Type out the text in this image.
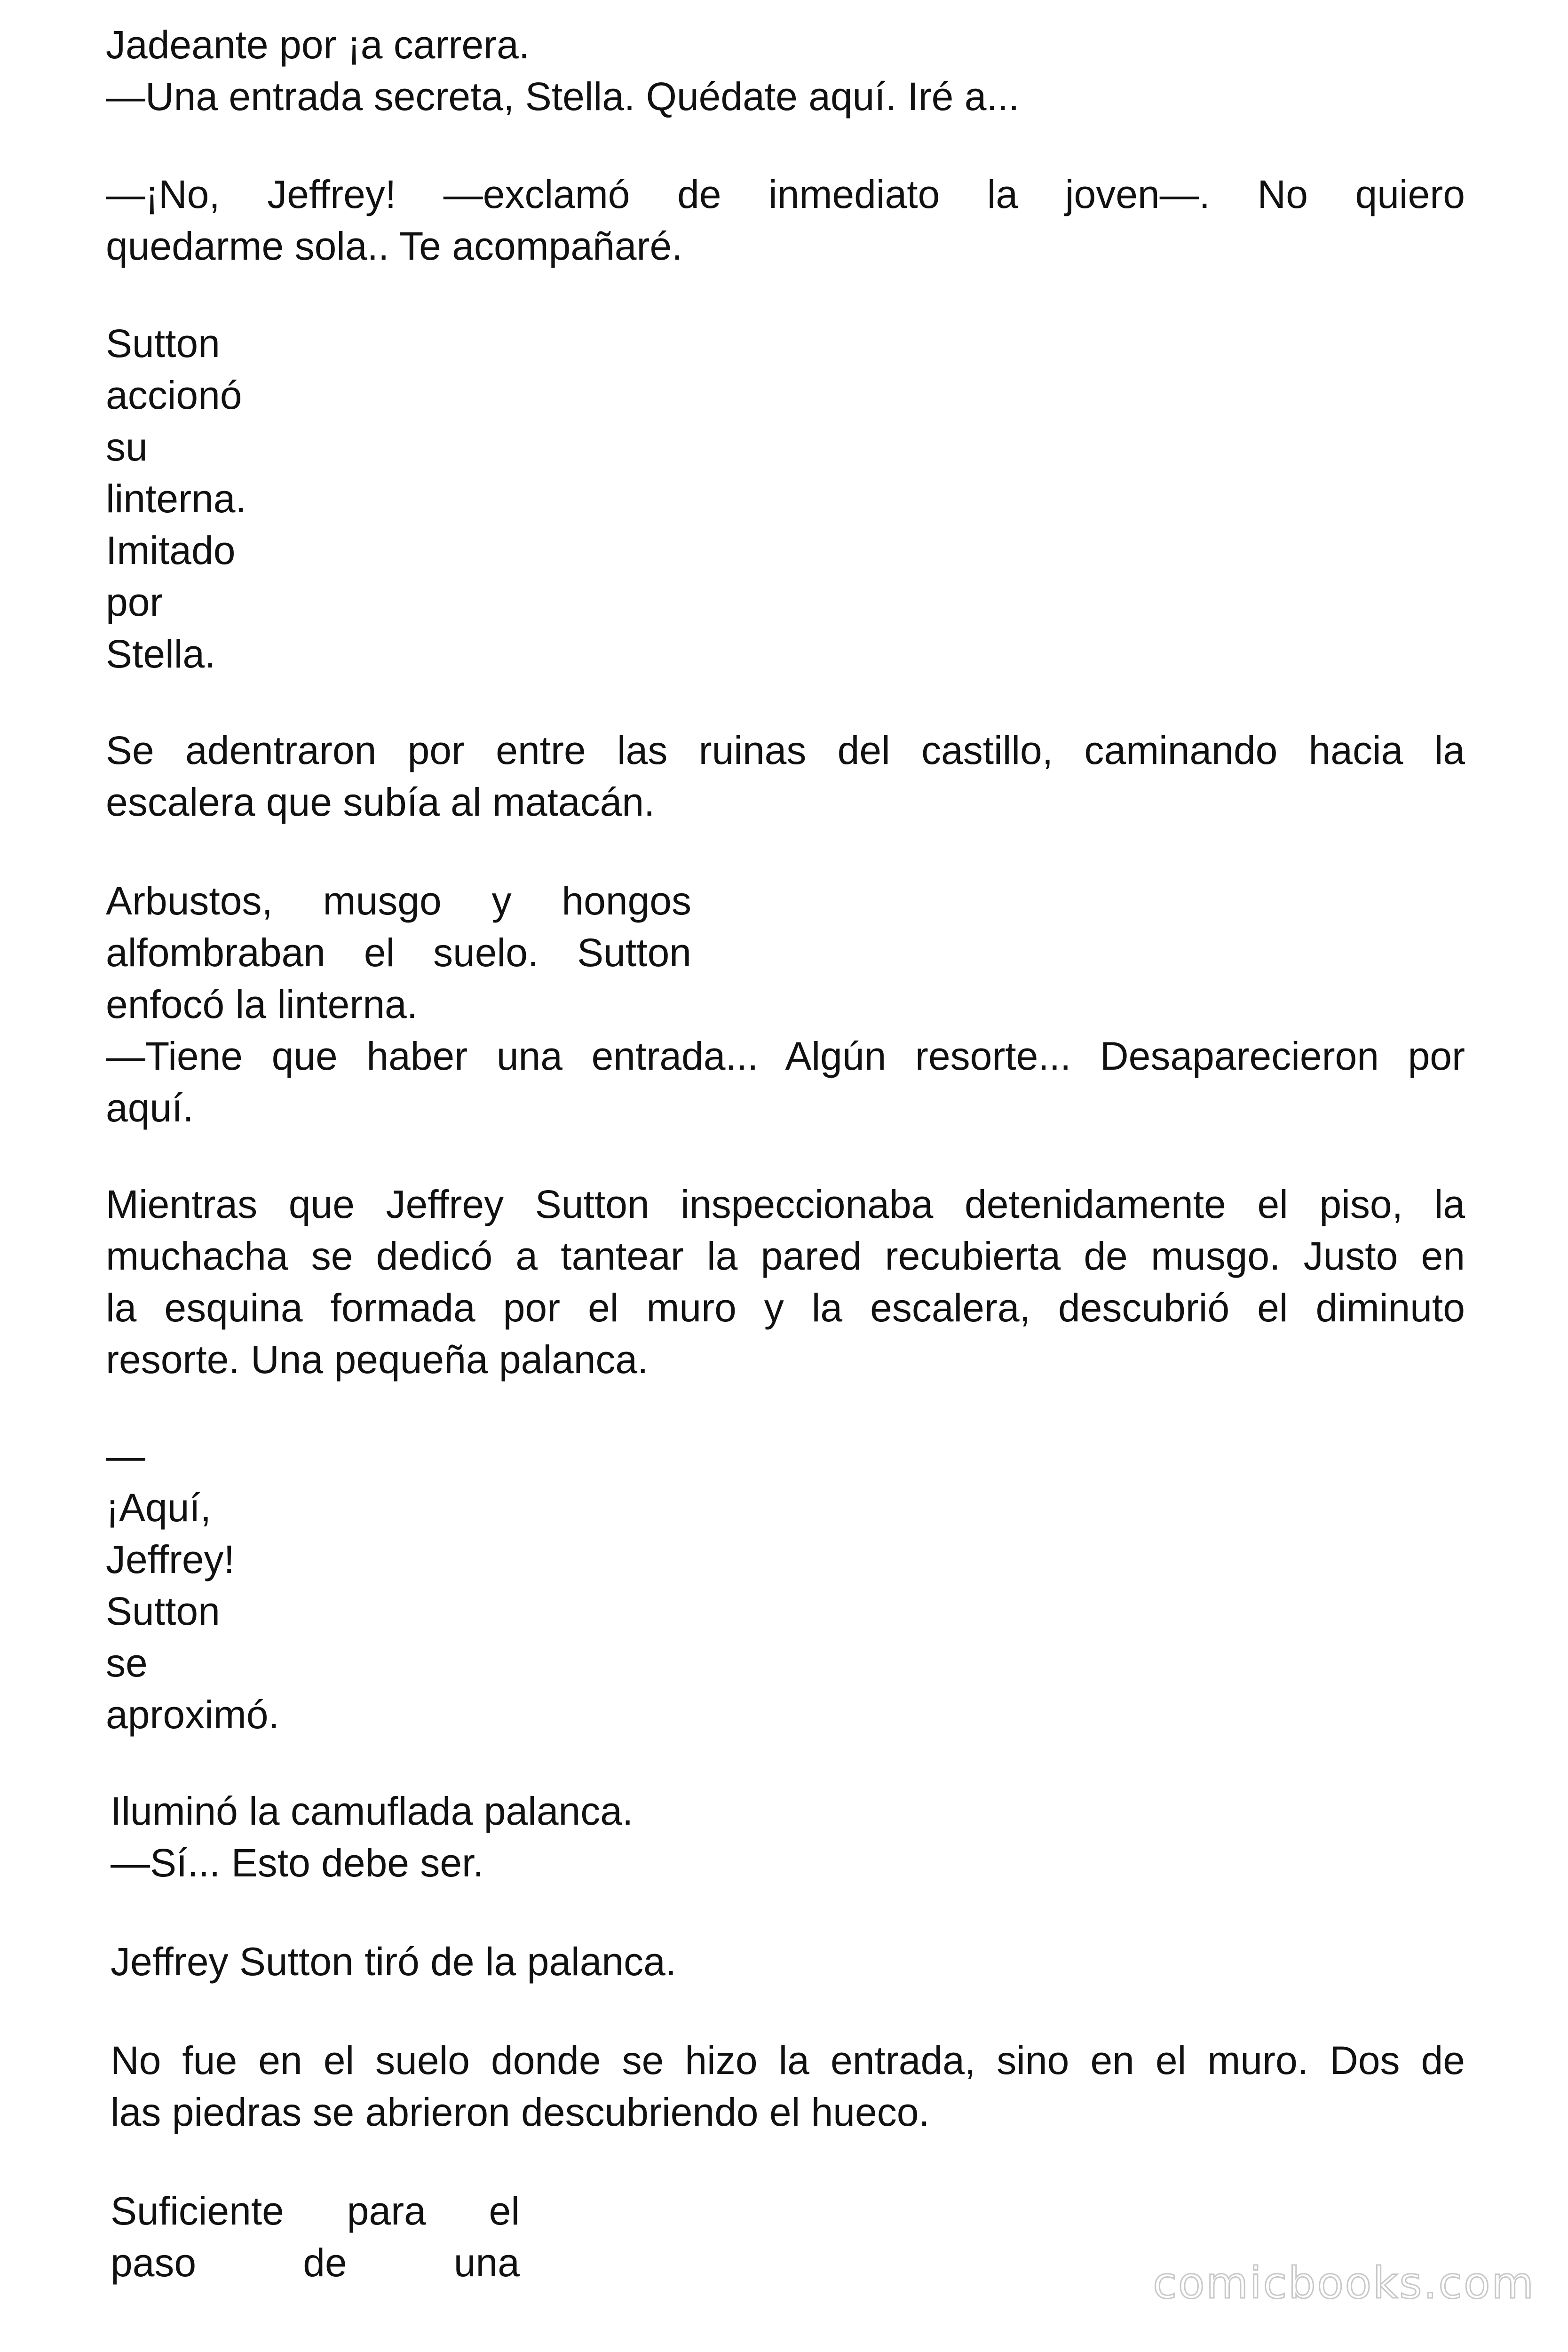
Jadeante por ¡a carrera.
—Una entrada secreta, Stella. Quédate aquí. Iré a...
—¡No, Jeffrey! —exclamó de inmediato la joven—. No quiero
quedarme sola.. Te acompañaré.
Sutton
accionó
su
linterna.
Imitado
por
Stella.
Se adentraron por entre las ruinas del castillo, caminando hacia la
escalera que subía al matacán.
Arbustos, musgo y hongos
alfombraban el suelo. Sutton
enfocó la linterna.
—Tiene que haber una entrada... Algún resorte... Desaparecieron por
aquí.
Mientras que Jeffrey Sutton inspeccionaba detenidamente el piso, la
muchacha se dedicó a tantear la pared recubierta de musgo. Justo en
la esquina formada por el muro y la escalera, descubrió el diminuto
resorte. Una pequeña palanca.
—
¡Aquí,
Jeffrey!
Sutton
se
aproximó.
Iluminó la camuflada palanca.
—Sí... Esto debe ser.
Jeffrey Sutton tiró de la palanca.
No fue en el suelo donde se hizo la entrada, sino en el muro. Dos de
las piedras se abrieron descubriendo el hueco.
Suficiente para el
paso de una	comicbooks.com
